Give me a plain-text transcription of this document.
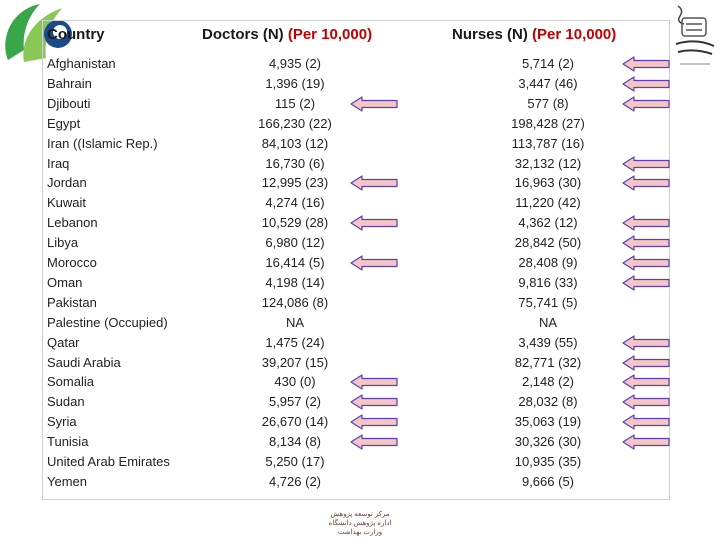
Country	Doctors (N) (Per 10,000)	Nurses (N) (Per 10,000)
Afghanistan	4,935 (2)	5,714 (2)
Bahrain	1,396 (19)	3,447 (46)
Djibouti	115 (2)	577 (8)
Egypt	166,230 (22)	198,428 (27)
Iran ((Islamic Rep.)	84,103 (12)	113,787 (16)
Iraq	16,730 (6)	32,132 (12)
Jordan	12,995 (23)	16,963 (30)
Kuwait	4,274 (16)	11,220 (42)
Lebanon	10,529 (28)	4,362 (12)
Libya	6,980 (12)	28,842 (50)
Morocco	16,414 (5)	28,408 (9)
Oman	4,198 (14)	9,816 (33)
Pakistan	124,086 (8)	75,741 (5)
Palestine (Occupied)	NA	NA
Qatar	1,475 (24)	3,439 (55)
Saudi Arabia	39,207 (15)	82,771 (32)
Somalia	430 (0)	2,148 (2)
Sudan	5,957 (2)	28,032 (8)
Syria	26,670 (14)	35,063 (19)
Tunisia	8,134 (8)	30,326 (30)
United Arab Emirates	5,250 (17)	10,935 (35)
Yemen	4,726 (2)	9,666 (5)
ﻣﺮﮐﺰ ﺗﻮﺳﻌﻪ ﭘﮋﻭﻫﺶ
ﺍﺩﺍﺭﻩ ﭘﮋﻭﻫﺶ ﺩﺍﻧﺸﮕﺎﻩ
ﻭﺯﺍﺭﺕ ﺑﻬﺪﺍﺷﺖ
